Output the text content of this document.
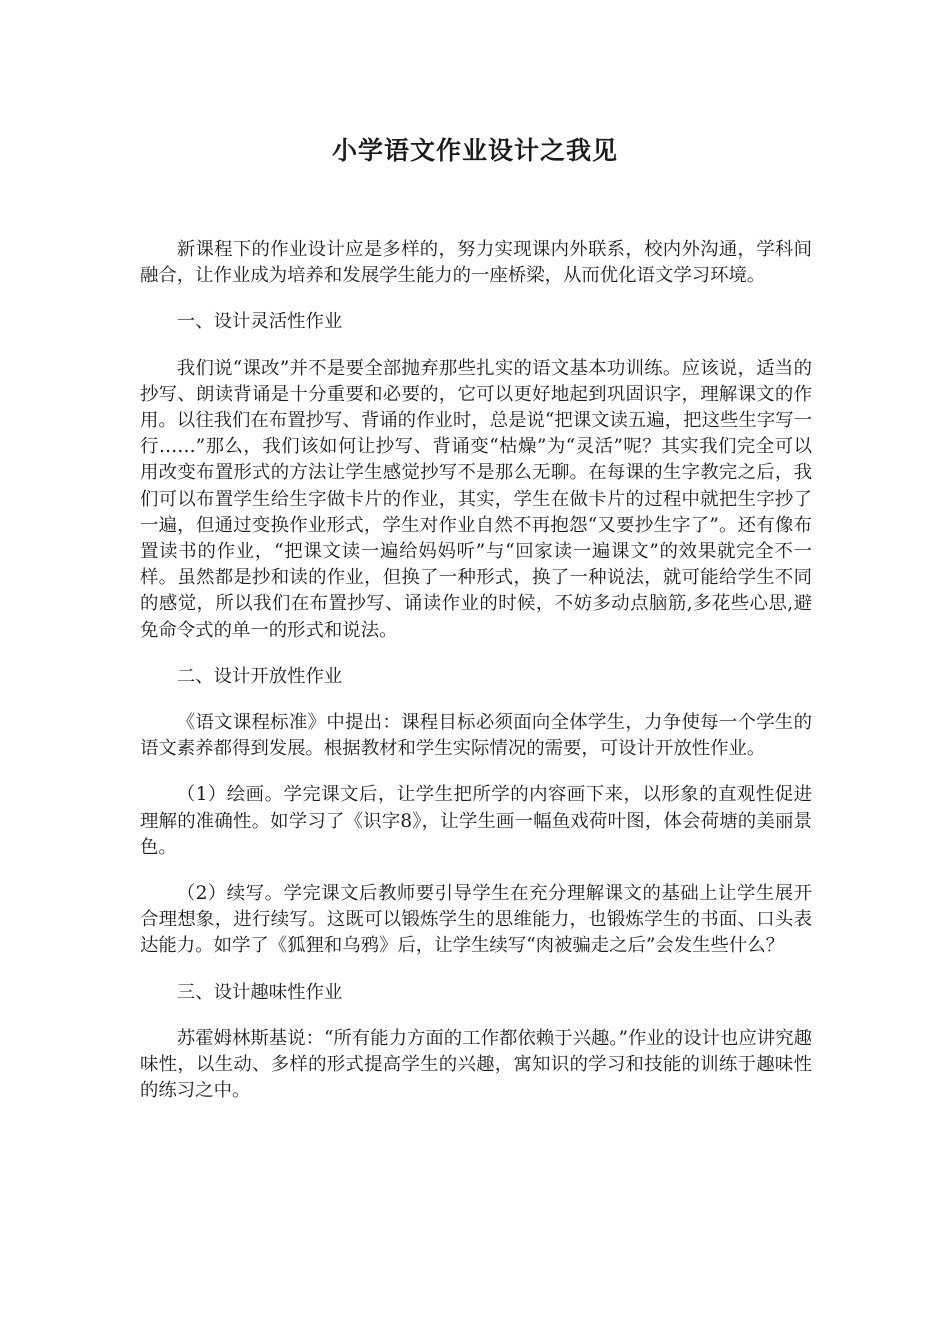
小学语文作业设计之我见

新课程下的作业设计应是多样的，努力实现课内外联系，校内外沟通，学科间融合，让作业成为培养和发展学生能力的一座桥梁，从而优化语文学习环境。

一、设计灵活性作业

我们说“课改”并不是要全部抛弃那些扎实的语文基本功训练。应该说，适当的抄写、朗读背诵是十分重要和必要的，它可以更好地起到巩固识字，理解课文的作用。以往我们在布置抄写、背诵的作业时，总是说“把课文读五遍，把这些生字写一行……”那么，我们该如何让抄写、背诵变“枯燥”为“灵活”呢？其实我们完全可以用改变布置形式的方法让学生感觉抄写不是那么无聊。在每课的生字教完之后，我们可以布置学生给生字做卡片的作业，其实，学生在做卡片的过程中就把生字抄了一遍，但通过变换作业形式，学生对作业自然不再抱怨“又要抄生字了”。还有像布置读书的作业，“把课文读一遍给妈妈听”与“回家读一遍课文”的效果就完全不一样。虽然都是抄和读的作业，但换了一种形式，换了一种说法，就可能给学生不同的感觉，所以我们在布置抄写、诵读作业的时候，不妨多动点脑筋,多花些心思,避免命令式的单一的形式和说法。

二、设计开放性作业

《语文课程标准》中提出：课程目标必须面向全体学生，力争使每一个学生的语文素养都得到发展。根据教材和学生实际情况的需要，可设计开放性作业。

（1）绘画。学完课文后，让学生把所学的内容画下来，以形象的直观性促进理解的准确性。如学习了《识字8》，让学生画一幅鱼戏荷叶图，体会荷塘的美丽景色。

（2）续写。学完课文后教师要引导学生在充分理解课文的基础上让学生展开合理想象，进行续写。这既可以锻炼学生的思维能力，也锻炼学生的书面、口头表达能力。如学了《狐狸和乌鸦》后，让学生续写“肉被骗走之后”会发生些什么？

三、设计趣味性作业

苏霍姆林斯基说：“所有能力方面的工作都依赖于兴趣。”作业的设计也应讲究趣味性，以生动、多样的形式提高学生的兴趣，寓知识的学习和技能的训练于趣味性的练习之中。
